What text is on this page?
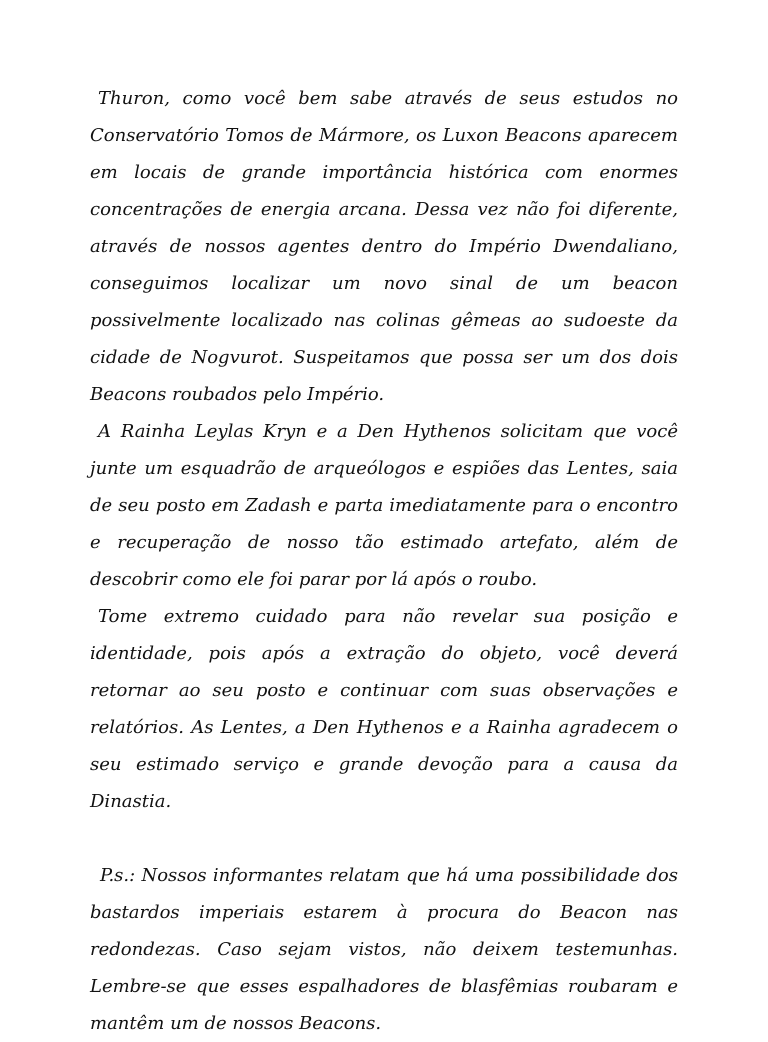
Thuron, como você bem sabe através de seus estudos no Conservatório Tomos de Mármore, os Luxon Beacons aparecem em locais de grande importância histórica com enormes concentrações de energia arcana. Dessa vez não foi diferente, através de nossos agentes dentro do Império Dwendaliano, conseguimos localizar um novo sinal de um beacon possivelmente localizado nas colinas gêmeas ao sudoeste da cidade de Nogvurot. Suspeitamos que possa ser um dos dois Beacons roubados pelo Império.

A Rainha Leylas Kryn e a Den Hythenos solicitam que você junte um esquadrão de arqueólogos e espiões das Lentes, saia de seu posto em Zadash e parta imediatamente para o encontro e recuperação de nosso tão estimado artefato, além de descobrir como ele foi parar por lá após o roubo.

Tome extremo cuidado para não revelar sua posição e identidade, pois após a extração do objeto, você deverá retornar ao seu posto e continuar com suas observações e relatórios. As Lentes, a Den Hythenos e a Rainha agradecem o seu estimado serviço e grande devoção para a causa da Dinastia.

P.s.: Nossos informantes relatam que há uma possibilidade dos bastardos imperiais estarem à procura do Beacon nas redondezas. Caso sejam vistos, não deixem testemunhas. Lembre-se que esses espalhadores de blasfêmias roubaram e mantêm um de nossos Beacons.
